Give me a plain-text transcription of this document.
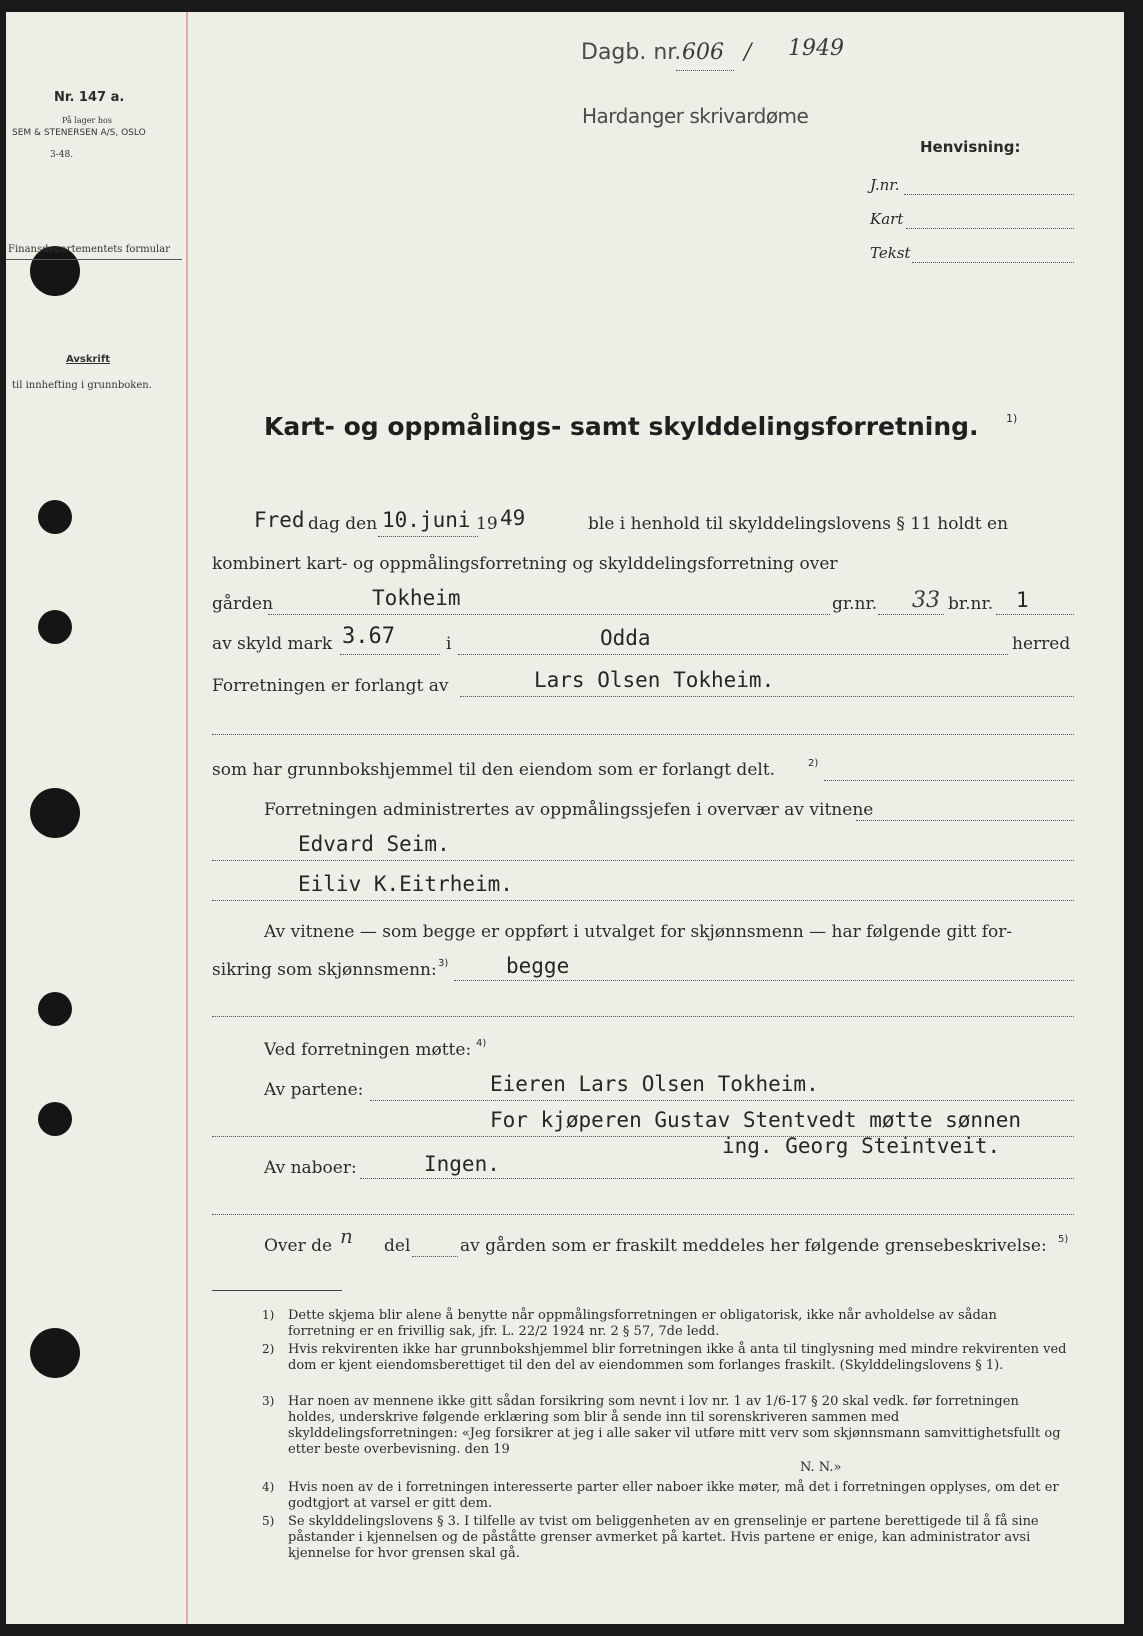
Nr. 147 a.
På lager hos
SEM & STENERSEN A/S, OSLO
3-48.
Finansdepartementets formular
Avskrift
til innhefting i grunnboken.
Dagb. nr. 606 / 1949
Hardanger skrivardøme
Henvisning:
J.nr.
Kart
Tekst
Kart- og oppmålings- samt skylddelingsforretning. 1)
Fred dag den 10.juni 19 49	ble i henhold til skylddelingslovens § 11 holdt en
kombinert kart- og oppmålingsforretning og skylddelingsforretning over
gården	Tokheim	gr.nr. 33 br.nr. 1
av skyld mark 3.67	i	Odda	herred
Forretningen er forlangt av	Lars Olsen Tokheim.
som har grunnbokshjemmel til den eiendom som er forlangt delt.	2)
Forretningen administrertes av oppmålingssjefen i overvær av vitnene
Edvard Seim.
Eiliv K.Eitrheim.
Av vitnene — som begge er oppført i utvalget for skjønnsmenn — har følgende gitt for-
sikring som skjønnsmenn: 3)	begge
Ved forretningen møtte: 4)
Av partene:	Eieren Lars Olsen Tokheim.
For kjøperen Gustav Stentvedt møtte sønnen
ing. Georg Steintveit.
Av naboer:	Ingen.
Over de n del	av gården som er fraskilt meddeles her følgende grensebeskrivelse: 5)
1) Dette skjema blir alene å benytte når oppmålingsforretningen er obligatorisk, ikke når avholdelse av sådan forretning er en frivillig sak, jfr. L. 22/2 1924 nr. 2 § 57, 7de ledd.
2) Hvis rekvirenten ikke har grunnbokshjemmel blir forretningen ikke å anta til tinglysning med mindre rekvirenten ved dom er kjent eiendomsberettiget til den del av eiendommen som forlanges fraskilt. (Skylddelingslovens § 1).
3) Har noen av mennene ikke gitt sådan forsikring som nevnt i lov nr. 1 av 1/6-17 § 20 skal vedk. før forretningen holdes, underskrive følgende erklæring som blir å sende inn til sorenskriveren sammen med skylddelingsforretningen: «Jeg forsikrer at jeg i alle saker vil utføre mitt verv som skjønnsmann samvittighetsfullt og etter beste overbevisning. den 19
N. N.»
4) Hvis noen av de i forretningen interesserte parter eller naboer ikke møter, må det i forretningen opplyses, om det er godtgjort at varsel er gitt dem.
5) Se skylddelingslovens § 3. I tilfelle av tvist om beliggenheten av en grenselinje er partene berettigede til å få sine påstander i kjennelsen og de påståtte grenser avmerket på kartet. Hvis partene er enige, kan administrator avsi kjennelse for hvor grensen skal gå.
